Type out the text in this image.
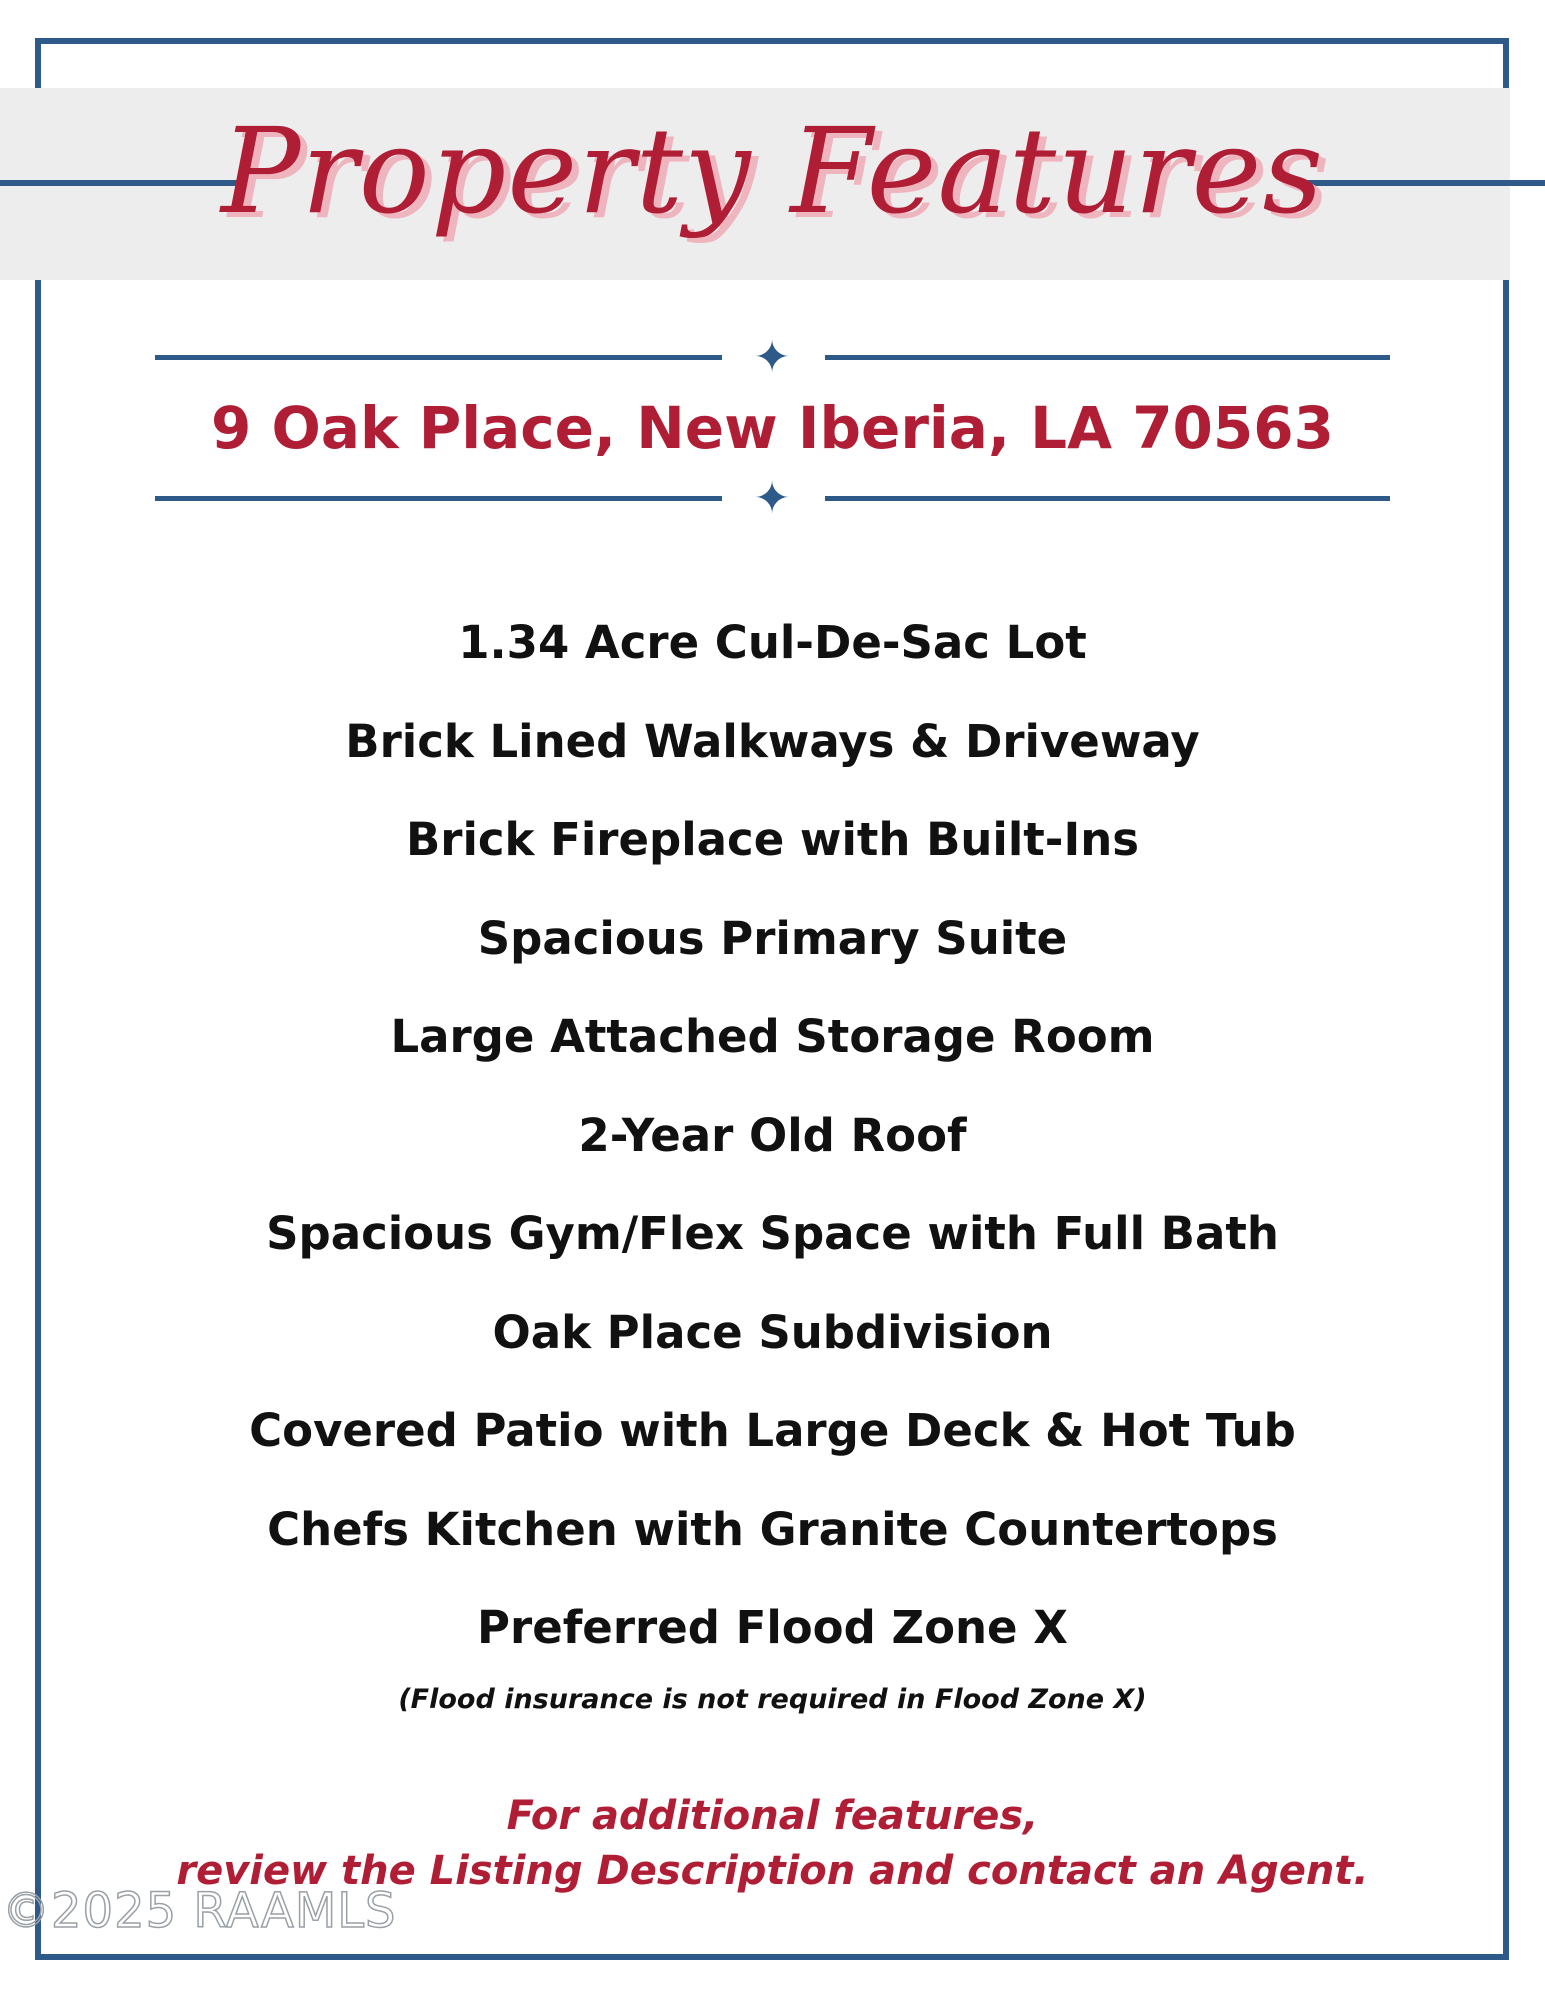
Property Features
✦
9 Oak Place, New Iberia, LA 70563
✦
1.34 Acre Cul-De-Sac Lot
Brick Lined Walkways & Driveway
Brick Fireplace with Built-Ins
Spacious Primary Suite
Large Attached Storage Room
2-Year Old Roof
Spacious Gym/Flex Space with Full Bath
Oak Place Subdivision
Covered Patio with Large Deck & Hot Tub
Chefs Kitchen with Granite Countertops
Preferred Flood Zone X
(Flood insurance is not required in Flood Zone X)
For additional features,
review the Listing Description and contact an Agent.
©2025 RAAMLS
